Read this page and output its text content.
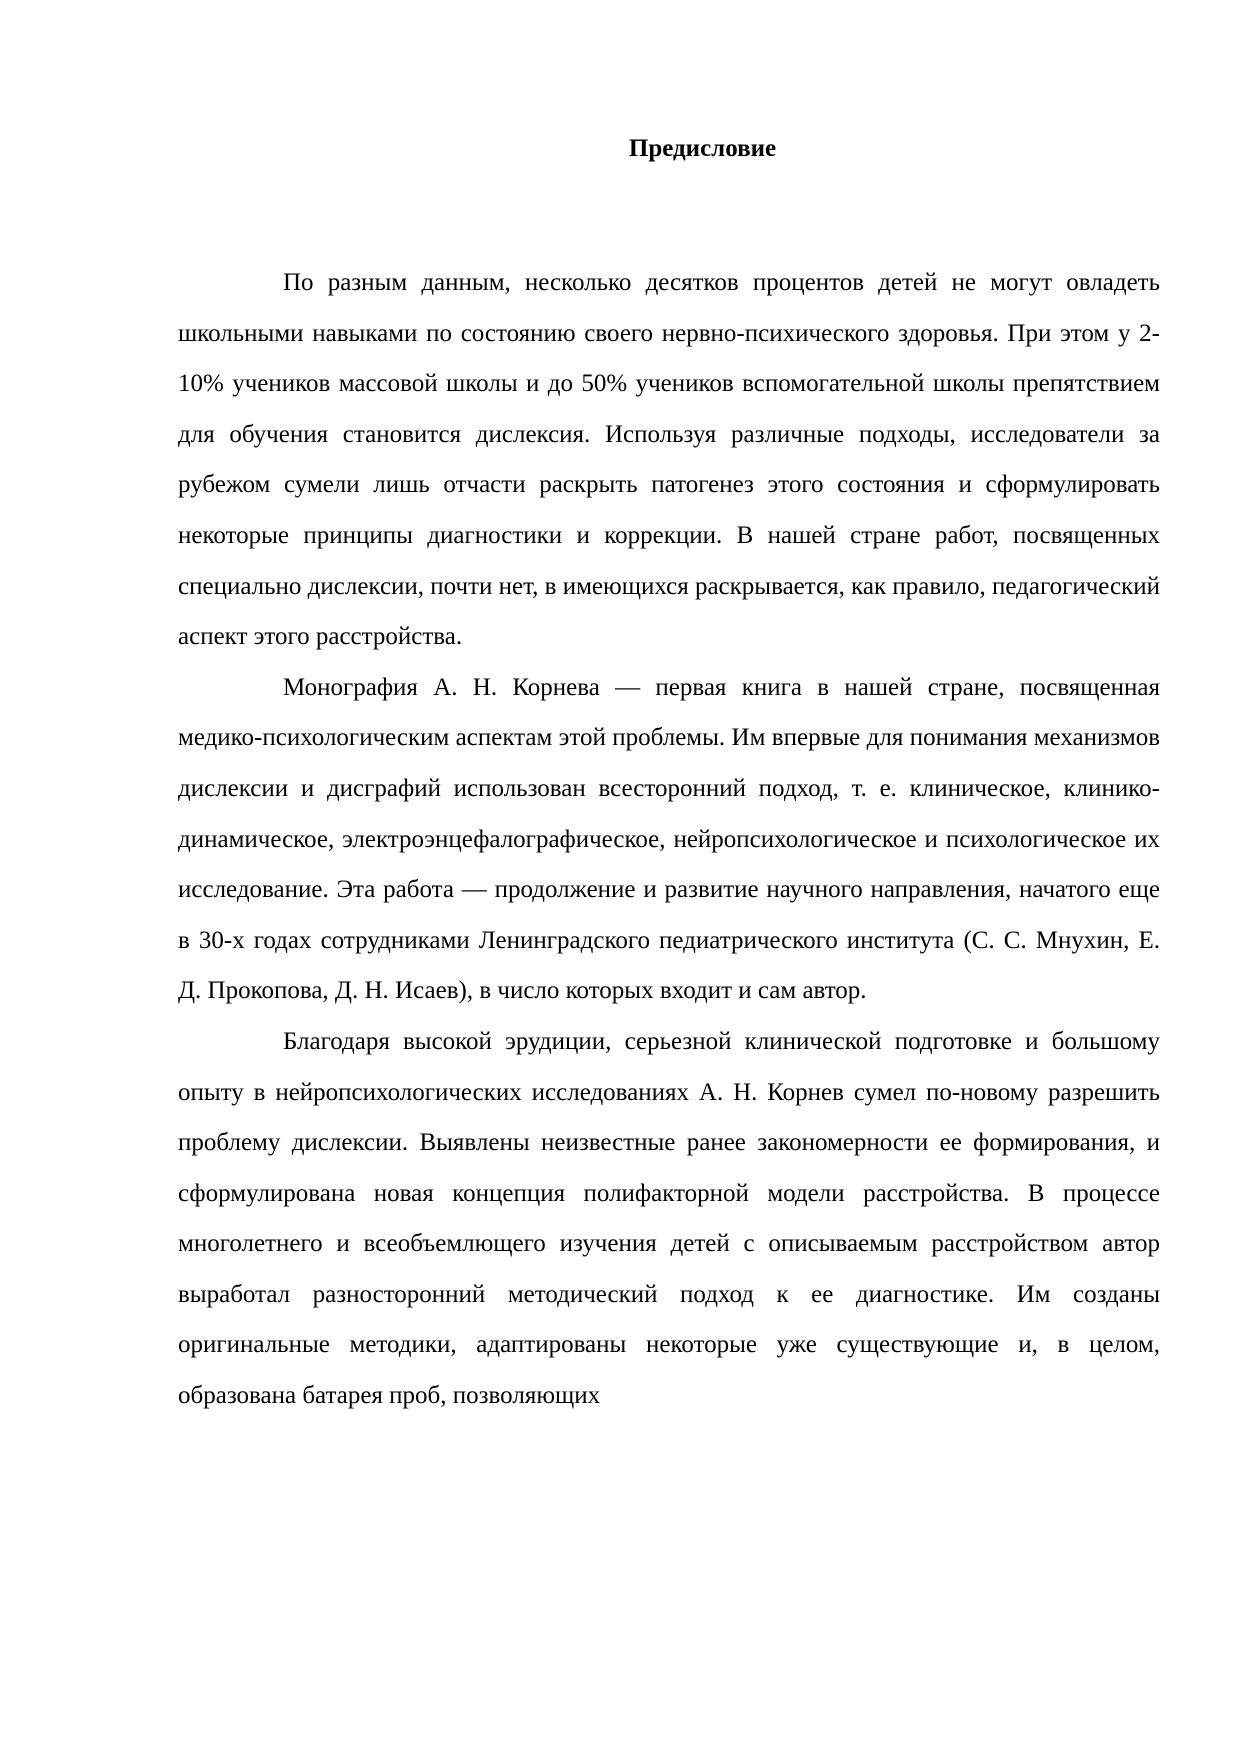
Предисловие

По разным данным, несколько десятков процентов детей не могут овладеть школьными навыками по состоянию своего нервно-психического здоровья. При этом у 2-10% учеников массовой школы и до 50% учеников вспомогательной школы препятствием для обучения становится дислексия. Используя различные подходы, исследователи за рубежом сумели лишь отчасти раскрыть патогенез этого состояния и сформулировать некоторые принципы диагностики и коррекции. В нашей стране работ, посвященных специально дислексии, почти нет, в имеющихся раскрывается, как правило, педагогический аспект этого расстройства.

Монография А. Н. Корнева — первая книга в нашей стране, посвященная медико-психологическим аспектам этой проблемы. Им впервые для понимания механизмов дислексии и дисграфий использован всесторонний подход, т. е. клиническое, клинико-динамическое, электроэнцефалографическое, нейропсихологическое и психологическое их исследование. Эта работа — продолжение и развитие научного направления, начатого еще в 30-х годах сотрудниками Ленинградского педиатрического института (С. С. Мнухин, Е. Д. Прокопова, Д. Н. Исаев), в число которых входит и сам автор.

Благодаря высокой эрудиции, серьезной клинической подготовке и большому опыту в нейропсихологических исследованиях А. Н. Корнев сумел по-новому разрешить проблему дислексии. Выявлены неизвестные ранее закономерности ее формирования, и сформулирована новая концепция полифакторной модели расстройства. В процессе многолетнего и всеобъемлющего изучения детей с описываемым расстройством автор выработал разносторонний методический подход к ее диагностике. Им созданы оригинальные методики, адаптированы некоторые уже существующие и, в целом, образована батарея проб, позволяющих
